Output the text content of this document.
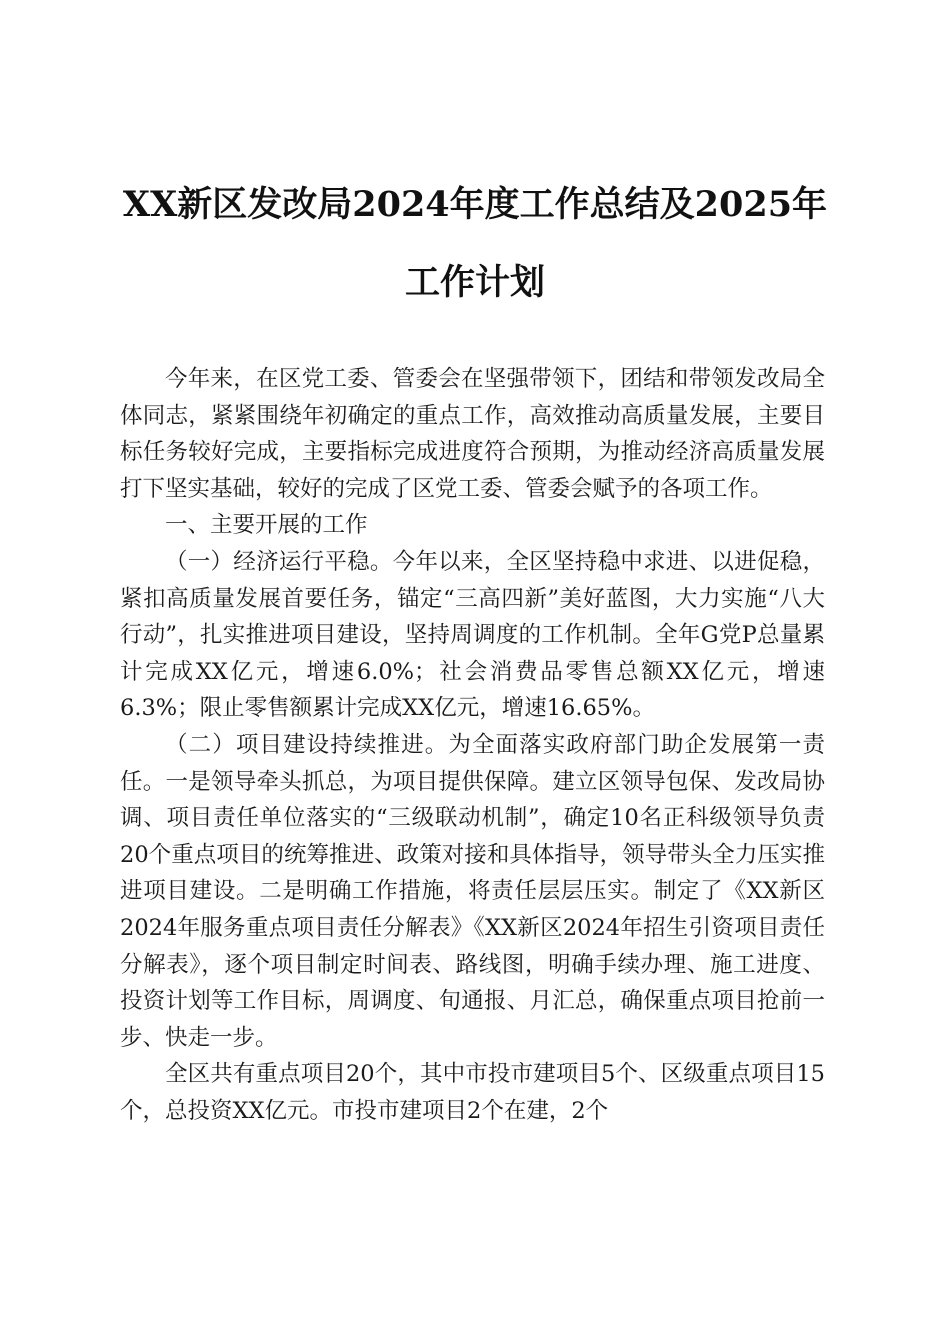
XX新区发改局2024年度工作总结及2025年工作计划

今年来，在区党工委、管委会在坚强带领下，团结和带领发改局全体同志，紧紧围绕年初确定的重点工作，高效推动高质量发展，主要目标任务较好完成，主要指标完成进度符合预期，为推动经济高质量发展打下坚实基础，较好的完成了区党工委、管委会赋予的各项工作。

一、主要开展的工作

（一）经济运行平稳。今年以来，全区坚持稳中求进、以进促稳，紧扣高质量发展首要任务，锚定“三高四新”美好蓝图，大力实施“八大行动”，扎实推进项目建设，坚持周调度的工作机制。全年G党P总量累计完成XX亿元，增速6.0%；社会消费品零售总额XX亿元，增速6.3%；限止零售额累计完成XX亿元，增速16.65%。

（二）项目建设持续推进。为全面落实政府部门助企发展第一责任。一是领导牵头抓总，为项目提供保障。建立区领导包保、发改局协调、项目责任单位落实的“三级联动机制”，确定10名正科级领导负责20个重点项目的统筹推进、政策对接和具体指导，领导带头全力压实推进项目建设。二是明确工作措施，将责任层层压实。制定了《XX新区2024年服务重点项目责任分解表》《XX新区2024年招生引资项目责任分解表》，逐个项目制定时间表、路线图，明确手续办理、施工进度、投资计划等工作目标，周调度、旬通报、月汇总，确保重点项目抢前一步、快走一步。

全区共有重点项目20个，其中市投市建项目5个、区级重点项目15个，总投资XX亿元。市投市建项目2个在建，2个
